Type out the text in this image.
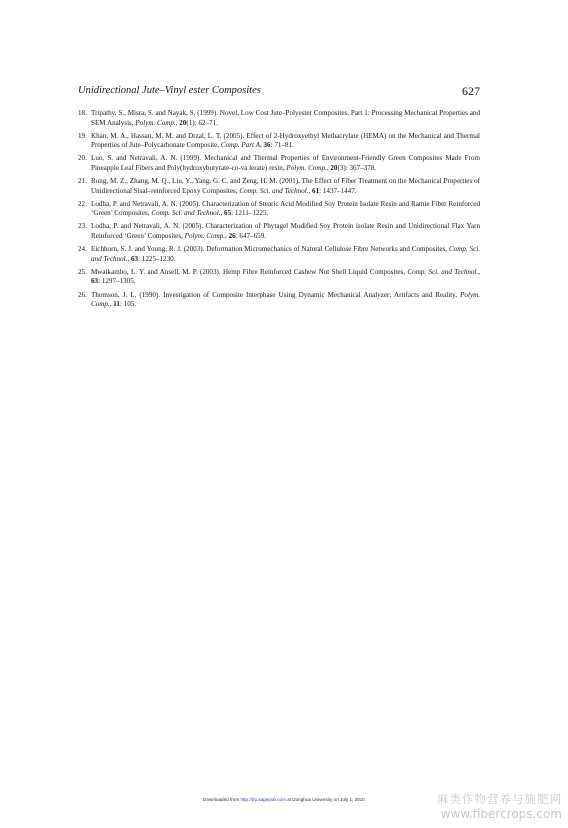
Unidirectional Jute–Vinyl ester Composites	627
18. Tripathy, S., Misra, S. and Nayak, S. (1999). Novel, Low Cost Jute–Polyester Composites. Part 1: Processing Mechanical Properties and SEM Analysis, Polym. Comp., 20(1): 62–71.
19. Khan, M. A., Hassan, M. M. and Drzal, L. T. (2005). Effect of 2-Hydroxyethyl Methacrylate (HEMA) on the Mechanical and Thermal Properties of Jute–Polycarbonate Composite, Comp. Part A, 36: 71–81.
20. Luo, S. and Netravali, A. N. (1999). Mechanical and Thermal Properties of Environment-Friendly Green Composites Made From Pineapple Leaf Fibers and Poly(hydroxybutyrate-co-va lerate) resin, Polym. Comp., 20(3): 367–378.
21. Rong, M. Z., Zhang, M. Q., Liu, Y., Yang, G. C. and Zeng, H. M. (2001). The Effect of Fiber Treatment on the Mechanical Properties of Unidirectional Sisal–reinforced Epoxy Composites, Comp. Sci. and Technol., 61: 1437–1447.
22. Lodha, P. and Netravali, A. N. (2005). Characterization of Stearic Acid Modified Soy Protein Isolate Resin and Ramie Fiber Reinforced ‘Green’ Composites, Comp. Sci. and Technol., 65: 1211–1225.
23. Lodha, P. and Netravali, A. N. (2005). Characterization of Phytagel Modified Soy Protein isolate Resin and Unidirectional Flax Yarn Reinforced ‘Green’ Composites, Polym. Comp., 26: 647–659.
24. Eichhorn, S. J. and Young, R. J. (2003). Deformation Micromechanics of Natural Cellulose Fibre Networks and Composites, Comp. Sci. and Technol., 63: 1225–1230.
25. Mwaikambo, L. Y. and Ansell, M. P. (2003). Hemp Fibre Reinforced Cashew Nut Shell Liquid Composites, Comp. Sci. and Technol., 63: 1297–1305.
26. Thomson, J. L. (1990). Investigation of Composite Interphase Using Dynamic Mechanical Analyzer: Artifacts and Reality, Polym. Comp., 11: 105.
Downloaded from http://jrp.sagepub.com at Donghua University on July 1, 2010	麻类作物营养与施肥网
www.fibercrops.com
